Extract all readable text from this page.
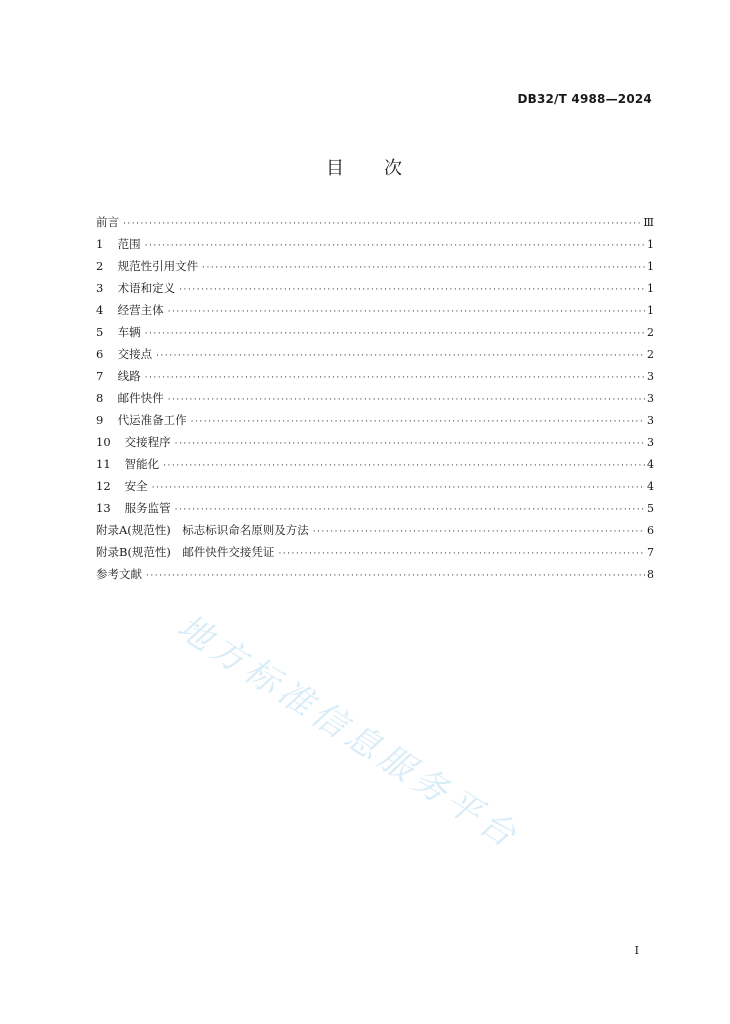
DB32/T 4988—2024
目 次
前言 ·····	Ⅲ
1 范围 ·····	1
2 规范性引用文件 ·····	1
3 术语和定义 ·····	1
4 经营主体 ·····	1
5 车辆 ·····	2
6 交接点 ·····	2
7 线路 ·····	3
8 邮件快件 ·····	3
9 代运准备工作 ·····	3
10 交接程序 ·····	3
11 智能化 ·····	4
12 安全 ·····	4
13 服务监管 ·····	5
附录A(规范性)　标志标识命名原则及方法 ·····	6
附录B(规范性)　邮件快件交接凭证 ·····	7
参考文献 ·····	8
地方标准信息服务平台
I
